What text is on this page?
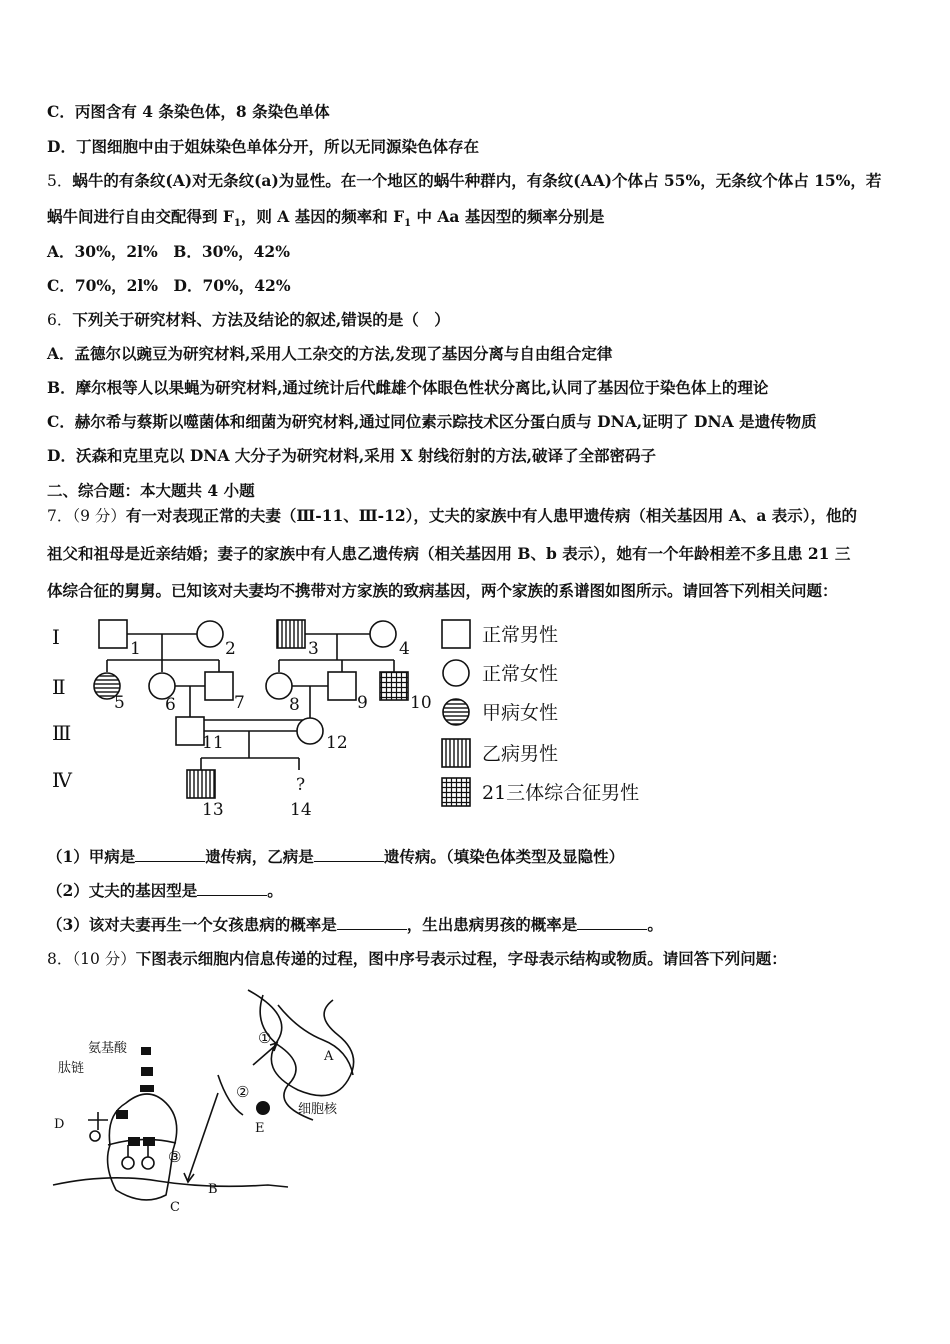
C．丙图含有 4 条染色体，8 条染色单体
D．丁图细胞中由于姐妹染色单体分开，所以无同源染色体存在
5．蜗牛的有条纹(A)对无条纹(a)为显性。在一个地区的蜗牛种群内，有条纹(AA)个体占 55%，无条纹个体占 15%，若
蜗牛间进行自由交配得到 $F_1$，则 A 基因的频率和 $F_1$ 中 Aa 基因型的频率分别是
A．30%，2l%　B．30%，42%
C．70%，2l%　D．70%，42%
6．下列关于研究材料、方法及结论的叙述,错误的是（　）
A．孟德尔以豌豆为研究材料,采用人工杂交的方法,发现了基因分离与自由组合定律
B．摩尔根等人以果蝇为研究材料,通过统计后代雌雄个体眼色性状分离比,认同了基因位于染色体上的理论
C．赫尔希与蔡斯以噬菌体和细菌为研究材料,通过同位素示踪技术区分蛋白质与 DNA,证明了 DNA 是遗传物质
D．沃森和克里克以 DNA 大分子为研究材料,采用 X 射线衍射的方法,破译了全部密码子
二、综合题：本大题共 4 小题
7．（9 分）有一对表现正常的夫妻（Ⅲ-11、Ⅲ-12），丈夫的家族中有人患甲遗传病（相关基因用 A、a 表示），他的
祖父和祖母是近亲结婚；妻子的家族中有人患乙遗传病（相关基因用 B、b 表示），她有一个年龄相差不多且患 21 三
体综合征的舅舅。已知该对夫妻均不携带对方家族的致病基因，两个家族的系谱图如图所示。请回答下列相关问题：
Ⅰ
Ⅱ
Ⅲ
Ⅳ
1	2	3	4
5 6	7	8	9 10
11	12
13
?
14
正常男性
正常女性
甲病女性
乙病男性
21三体综合征男性
（1）甲病是	遗传病，乙病是	遗传病。（填染色体类型及显隐性）
（2）丈夫的基因型是	。
（3）该对夫妻再生一个女孩患病的概率是	，生出患病男孩的概率是	。
8．（10 分）下图表示细胞内信息传递的过程，图中序号表示过程，字母表示结构或物质。请回答下列问题：
氨基酸
肽链
D
③
②
①
A
E
细胞核
B
C
